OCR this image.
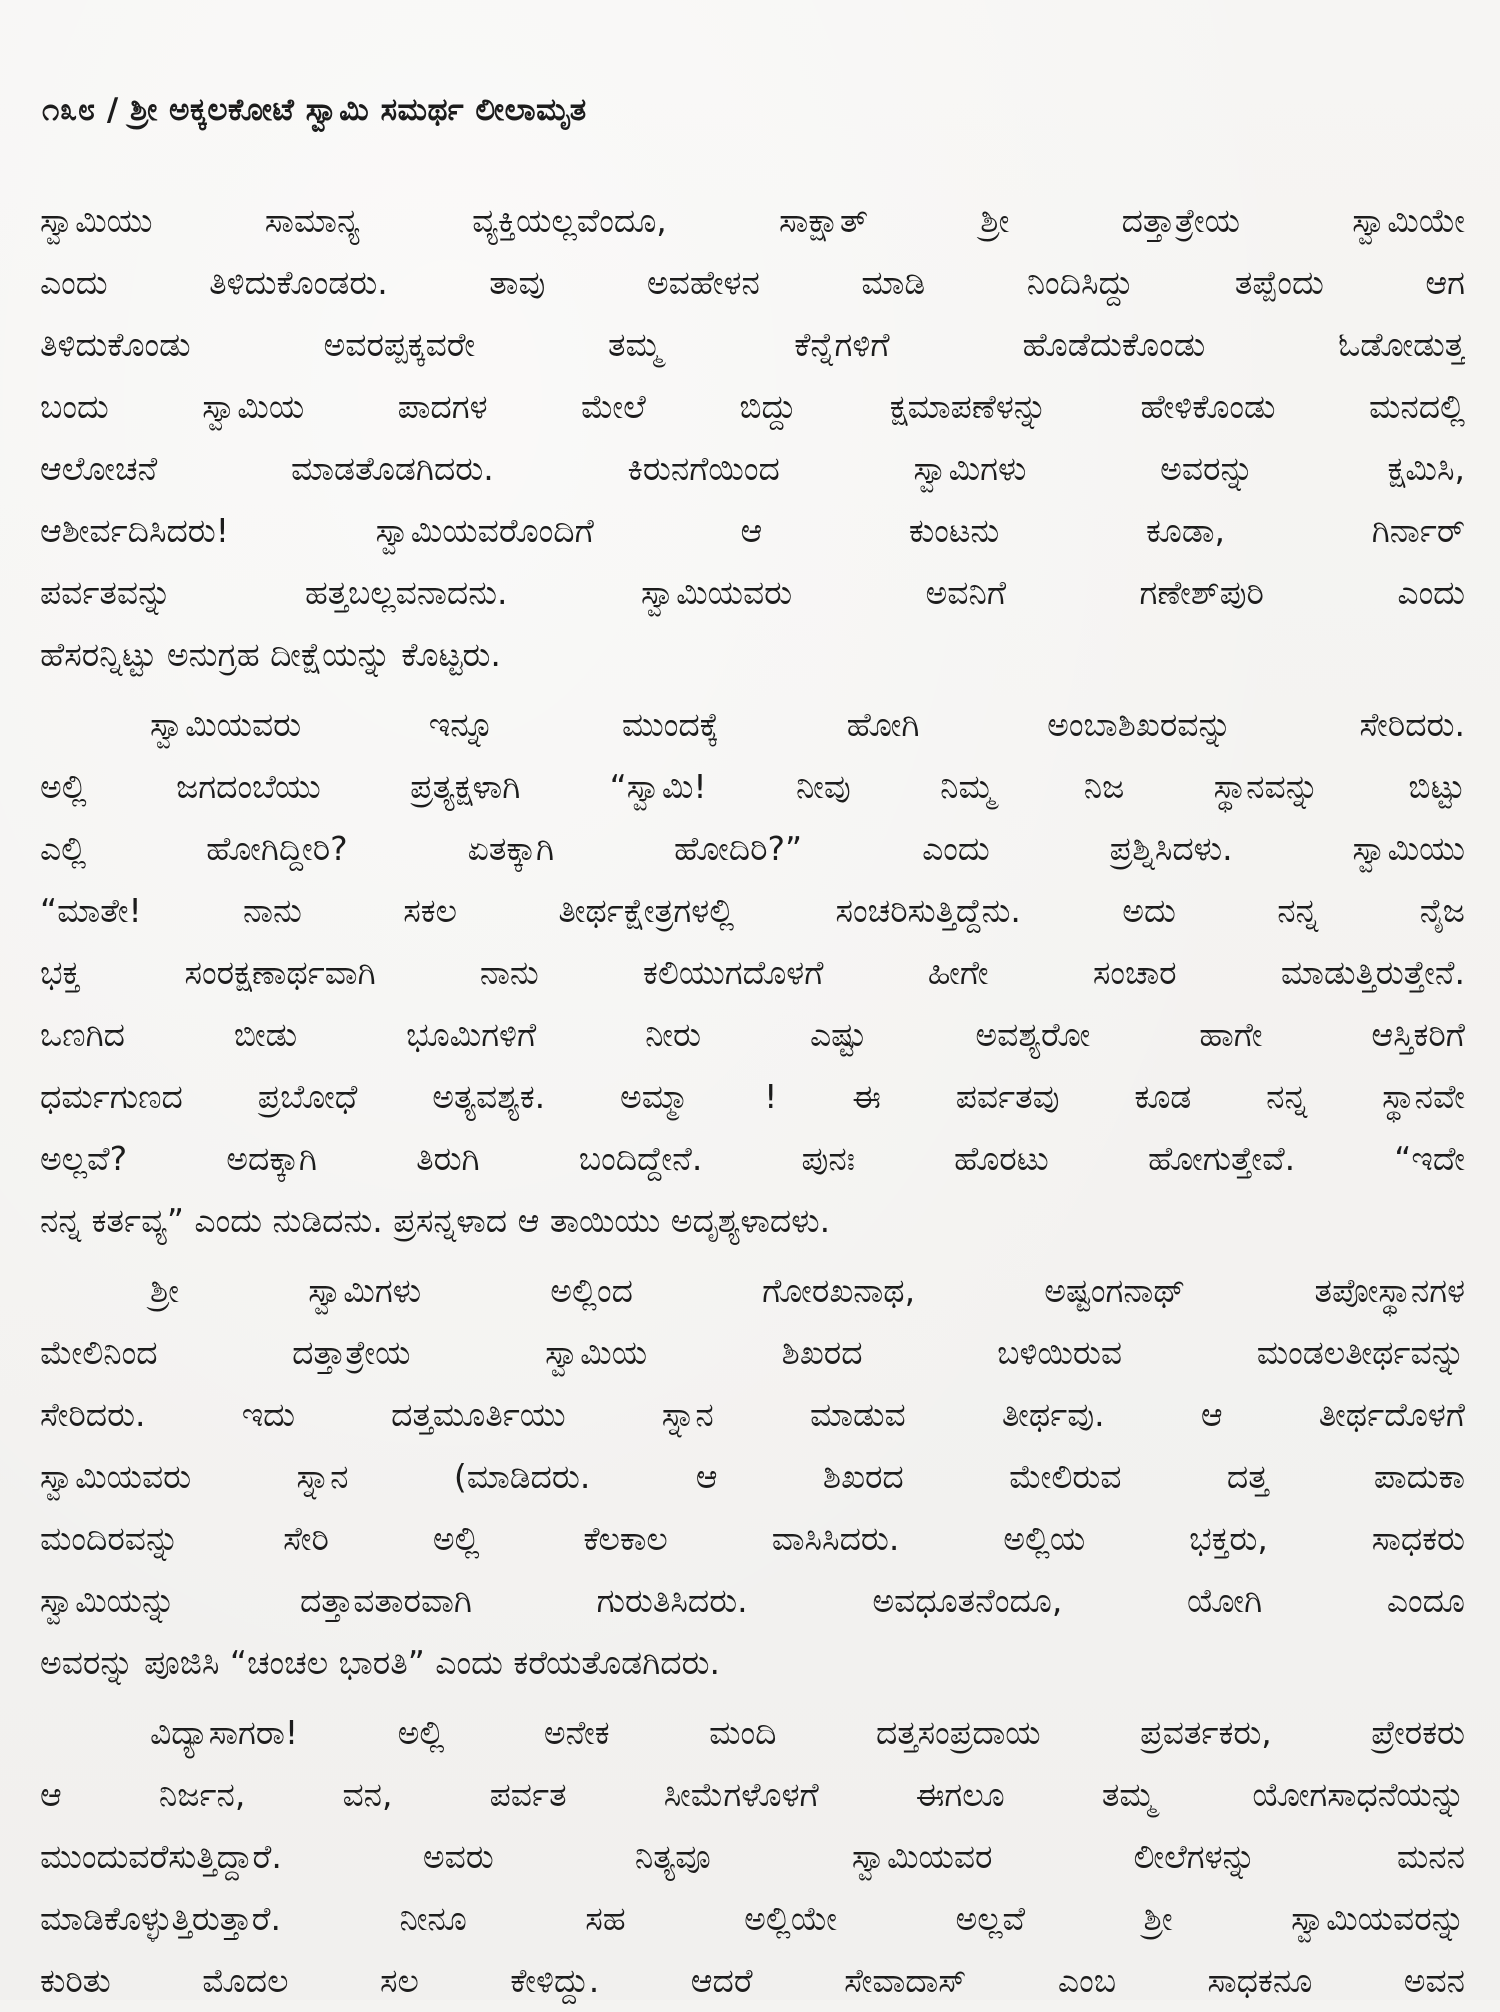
೧೩೮ / ಶ್ರೀ ಅಕ್ಕಲಕೋಟೆ ಸ್ವಾಮಿ ಸಮರ್ಥ ಲೀಲಾಮೃತ
ಸ್ವಾಮಿಯು ಸಾಮಾನ್ಯ ವ್ಯಕ್ತಿಯಲ್ಲವೆಂದೂ, ಸಾಕ್ಷಾತ್ ಶ್ರೀ ದತ್ತಾತ್ರೇಯ ಸ್ವಾಮಿಯೇ
ಎಂದು ತಿಳಿದುಕೊಂಡರು. ತಾವು ಅವಹೇಳನ ಮಾಡಿ ನಿಂದಿಸಿದ್ದು ತಪ್ಪೆಂದು ಆಗ
ತಿಳಿದುಕೊಂಡು ಅವರಪ್ಪಕ್ಕವರೇ ತಮ್ಮ ಕೆನ್ನೆಗಳಿಗೆ ಹೊಡೆದುಕೊಂಡು ಓಡೋಡುತ್ತ
ಬಂದು ಸ್ವಾಮಿಯ ಪಾದಗಳ ಮೇಲೆ ಬಿದ್ದು ಕ್ಷಮಾಪಣೆಳನ್ನು ಹೇಳಿಕೊಂಡು ಮನದಲ್ಲಿ
ಆಲೋಚನೆ ಮಾಡತೊಡಗಿದರು. ಕಿರುನಗೆಯಿಂದ ಸ್ವಾಮಿಗಳು ಅವರನ್ನು ಕ್ಷಮಿಸಿ,
ಆಶೀರ್ವದಿಸಿದರು! ಸ್ವಾಮಿಯವರೊಂದಿಗೆ ಆ ಕುಂಟನು ಕೂಡಾ, ಗಿರ್ನಾರ್
ಪರ್ವತವನ್ನು ಹತ್ತಬಲ್ಲವನಾದನು. ಸ್ವಾಮಿಯವರು ಅವನಿಗೆ ಗಣೇಶ್‌ಪುರಿ ಎಂದು
ಹೆಸರನ್ನಿಟ್ಟು ಅನುಗ್ರಹ ದೀಕ್ಷೆಯನ್ನು ಕೊಟ್ಟರು.
ಸ್ವಾಮಿಯವರು ಇನ್ನೂ ಮುಂದಕ್ಕೆ ಹೋಗಿ ಅಂಬಾಶಿಖರವನ್ನು ಸೇರಿದರು.
ಅಲ್ಲಿ ಜಗದಂಬೆಯು ಪ್ರತ್ಯಕ್ಷಳಾಗಿ “ಸ್ವಾಮಿ! ನೀವು ನಿಮ್ಮ ನಿಜ ಸ್ಥಾನವನ್ನು ಬಿಟ್ಟು
ಎಲ್ಲಿ ಹೋಗಿದ್ದೀರಿ? ಏತಕ್ಕಾಗಿ ಹೋದಿರಿ?” ಎಂದು ಪ್ರಶ್ನಿಸಿದಳು. ಸ್ವಾಮಿಯು
“ಮಾತೇ! ನಾನು ಸಕಲ ತೀರ್ಥಕ್ಷೇತ್ರಗಳಲ್ಲಿ ಸಂಚರಿಸುತ್ತಿದ್ದೆನು. ಅದು ನನ್ನ ನೈಜ
ಭಕ್ತ ಸಂರಕ್ಷಣಾರ್ಥವಾಗಿ ನಾನು ಕಲಿಯುಗದೊಳಗೆ ಹೀಗೇ ಸಂಚಾರ ಮಾಡುತ್ತಿರುತ್ತೇನೆ.
ಒಣಗಿದ ಬೀಡು ಭೂಮಿಗಳಿಗೆ ನೀರು ಎಷ್ಟು ಅವಶ್ಯರೋ ಹಾಗೇ ಆಸ್ತಿಕರಿಗೆ
ಧರ್ಮಗುಣದ ಪ್ರಬೋಧೆ ಅತ್ಯವಶ್ಯಕ. ಅಮ್ಮಾ ! ಈ ಪರ್ವತವು ಕೂಡ ನನ್ನ ಸ್ಥಾನವೇ
ಅಲ್ಲವೆ? ಅದಕ್ಕಾಗಿ ತಿರುಗಿ ಬಂದಿದ್ದೇನೆ. ಪುನಃ ಹೊರಟು ಹೋಗುತ್ತೇವೆ. “ಇದೇ
ನನ್ನ ಕರ್ತವ್ಯ” ಎಂದು ನುಡಿದನು. ಪ್ರಸನ್ನಳಾದ ಆ ತಾಯಿಯು ಅದೃಶ್ಯಳಾದಳು.
ಶ್ರೀ ಸ್ವಾಮಿಗಳು ಅಲ್ಲಿಂದ ಗೋರಖನಾಥ, ಅಷ್ಟಂಗನಾಥ್ ತಪೋಸ್ಥಾನಗಳ
ಮೇಲಿನಿಂದ ದತ್ತಾತ್ರೇಯ ಸ್ವಾಮಿಯ ಶಿಖರದ ಬಳಿಯಿರುವ ಮಂಡಲತೀರ್ಥವನ್ನು
ಸೇರಿದರು. ಇದು ದತ್ತಮೂರ್ತಿಯು ಸ್ನಾನ ಮಾಡುವ ತೀರ್ಥವು. ಆ ತೀರ್ಥದೊಳಗೆ
ಸ್ವಾಮಿಯವರು ಸ್ನಾನ (ಮಾಡಿದರು. ಆ ಶಿಖರದ ಮೇಲಿರುವ ದತ್ತ ಪಾದುಕಾ
ಮಂದಿರವನ್ನು ಸೇರಿ ಅಲ್ಲಿ ಕೆಲಕಾಲ ವಾಸಿಸಿದರು. ಅಲ್ಲಿಯ ಭಕ್ತರು, ಸಾಧಕರು
ಸ್ವಾಮಿಯನ್ನು ದತ್ತಾವತಾರವಾಗಿ ಗುರುತಿಸಿದರು. ಅವಧೂತನೆಂದೂ, ಯೋಗಿ ಎಂದೂ
ಅವರನ್ನು ಪೂಜಿಸಿ “ಚಂಚಲ ಭಾರತಿ” ಎಂದು ಕರೆಯತೊಡಗಿದರು.
ವಿದ್ಯಾಸಾಗರಾ! ಅಲ್ಲಿ ಅನೇಕ ಮಂದಿ ದತ್ತಸಂಪ್ರದಾಯ ಪ್ರವರ್ತಕರು, ಪ್ರೇರಕರು
ಆ ನಿರ್ಜನ, ವನ, ಪರ್ವತ ಸೀಮೆಗಳೊಳಗೆ ಈಗಲೂ ತಮ್ಮ ಯೋಗಸಾಧನೆಯನ್ನು
ಮುಂದುವರೆಸುತ್ತಿದ್ದಾರೆ. ಅವರು ನಿತ್ಯವೂ ಸ್ವಾಮಿಯವರ ಲೀಲೆಗಳನ್ನು ಮನನ
ಮಾಡಿಕೊಳ್ಳುತ್ತಿರುತ್ತಾರೆ. ನೀನೂ ಸಹ ಅಲ್ಲಿಯೇ ಅಲ್ಲವೆ ಶ್ರೀ ಸ್ವಾಮಿಯವರನ್ನು
ಕುರಿತು ಮೊದಲ ಸಲ ಕೇಳಿದ್ದು. ಆದರೆ ಸೇವಾದಾಸ್ ಎಂಬ ಸಾಧಕನೂ ಅವನ
